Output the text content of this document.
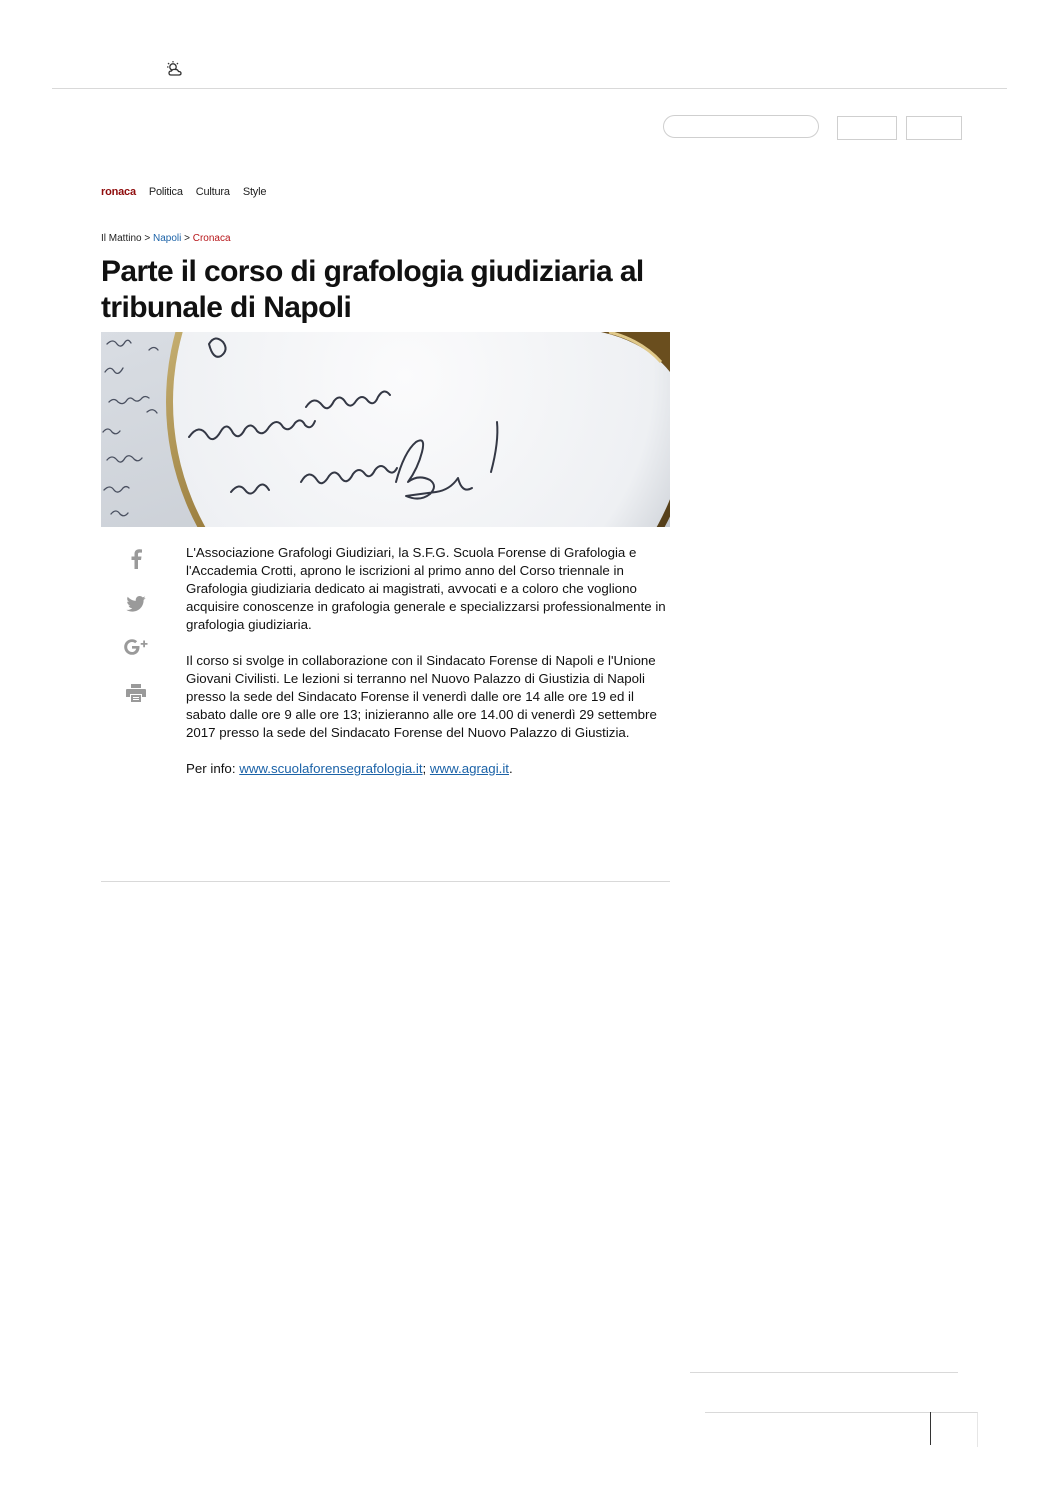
ronaca Politica Cultura Style
Il Mattino > Napoli > Cronaca
Parte il corso di grafologia giudiziaria al tribunale di Napoli

L'Associazione Grafologi Giudiziari, la S.F.G. Scuola Forense di Grafologia e l'Accademia Crotti, aprono le iscrizioni al primo anno del Corso triennale in Grafologia giudiziaria dedicato ai magistrati, avvocati e a coloro che vogliono acquisire conoscenze in grafologia generale e specializzarsi professionalmente in grafologia giudiziaria.

Il corso si svolge in collaborazione con il Sindacato Forense di Napoli e l'Unione Giovani Civilisti. Le lezioni si terranno nel Nuovo Palazzo di Giustizia di Napoli presso la sede del Sindacato Forense il venerdì dalle ore 14 alle ore 19 ed il sabato dalle ore 9 alle ore 13; inizieranno alle ore 14.00 di venerdì 29 settembre 2017 presso la sede del Sindacato Forense del Nuovo Palazzo di Giustizia.

Per info: www.scuolaforensegrafologia.it; www.agragi.it.
